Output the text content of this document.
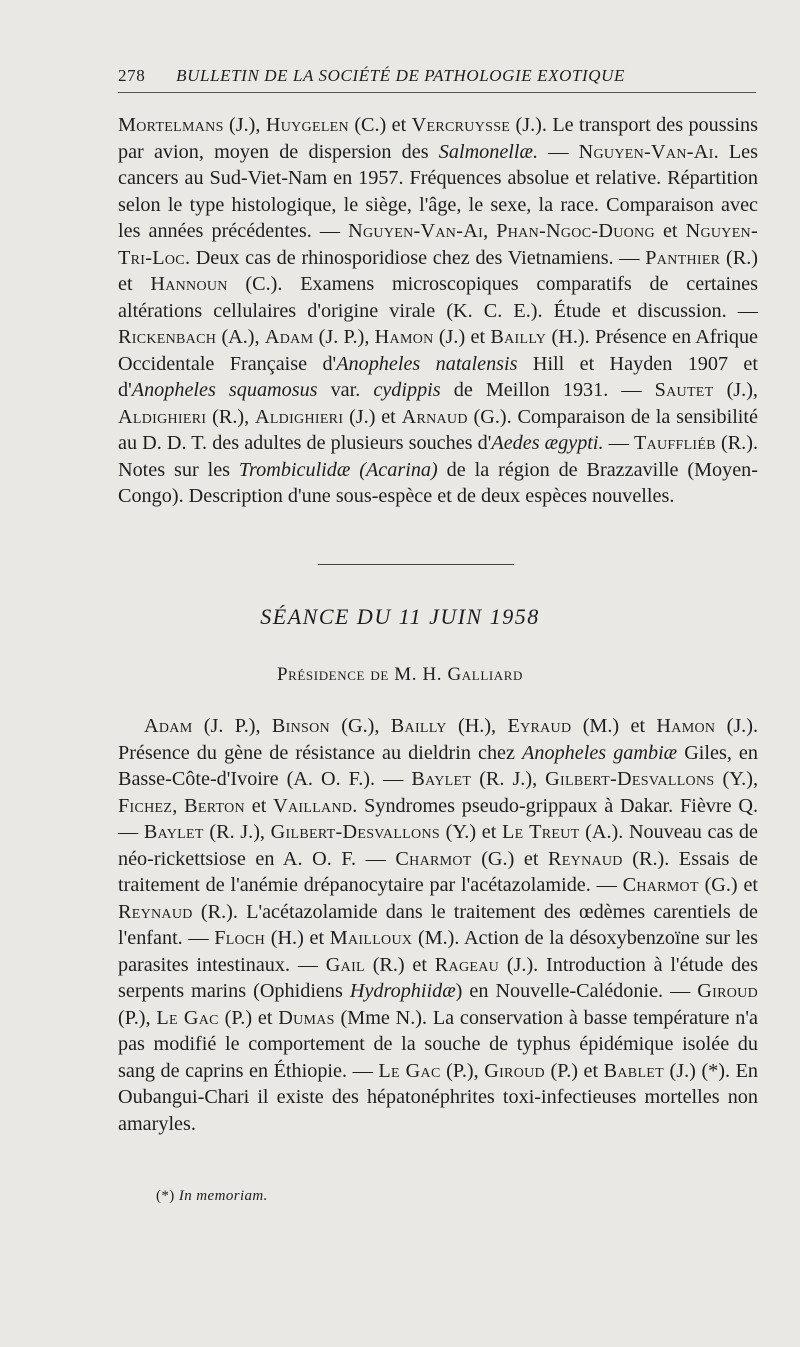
278 BULLETIN DE LA SOCIÉTÉ DE PATHOLOGIE EXOTIQUE
Mortelmans (J.), Huygelen (C.) et Vercruysse (J.). Le transport des poussins par avion, moyen de dispersion des Salmonellæ. — Nguyen-Van-Ai. Les cancers au Sud-Viet-Nam en 1957. Fréquences absolue et relative. Répartition selon le type histologique, le siège, l'âge, le sexe, la race. Comparaison avec les années précédentes. — Nguyen-Van-Ai, Phan-Ngoc-Duong et Nguyen-Tri-Loc. Deux cas de rhinosporidiose chez des Vietnamiens. — Panthier (R.) et Hannoun (C.). Examens microscopiques comparatifs de certaines altérations cellulaires d'origine virale (K. C. E.). Étude et discussion. — Rickenbach (A.), Adam (J. P.), Hamon (J.) et Bailly (H.). Présence en Afrique Occidentale Française d'Anopheles natalensis Hill et Hayden 1907 et d'Anopheles squamosus var. cydippis de Meillon 1931. — Sautet (J.), Aldighieri (R.), Aldighieri (J.) et Arnaud (G.). Comparaison de la sensibilité au D. D. T. des adultes de plusieurs souches d'Aedes ægypti. — Tauffliéb (R.). Notes sur les Trombiculidæ (Acarina) de la région de Brazzaville (Moyen-Congo). Description d'une sous-espèce et de deux espèces nouvelles.
SÉANCE DU 11 JUIN 1958
Présidence de M. H. Galliard
Adam (J. P.), Binson (G.), Bailly (H.), Eyraud (M.) et Hamon (J.). Présence du gène de résistance au dieldrin chez Anopheles gambiæ Giles, en Basse-Côte-d'Ivoire (A. O. F.). — Baylet (R. J.), Gilbert-Desvallons (Y.), Fichez, Berton et Vailland. Syndromes pseudo-grippaux à Dakar. Fièvre Q. — Baylet (R. J.), Gilbert-Desvallons (Y.) et Le Treut (A.). Nouveau cas de néo-rickettsiose en A. O. F. — Charmot (G.) et Reynaud (R.). Essais de traitement de l'anémie drépanocytaire par l'acétazolamide. — Charmot (G.) et Reynaud (R.). L'acétazolamide dans le traitement des œdèmes carentiels de l'enfant. — Floch (H.) et Mailloux (M.). Action de la désoxybenzoïne sur les parasites intestinaux. — Gail (R.) et Rageau (J.). Introduction à l'étude des serpents marins (Ophidiens Hydrophiidæ) en Nouvelle-Calédonie. — Giroud (P.), Le Gac (P.) et Dumas (Mme N.). La conservation à basse température n'a pas modifié le comportement de la souche de typhus épidémique isolée du sang de caprins en Éthiopie. — Le Gac (P.), Giroud (P.) et Bablet (J.) (*). En Oubangui-Chari il existe des hépatonéphrites toxi-infectieuses mortelles non amaryles.
(*) In memoriam.
